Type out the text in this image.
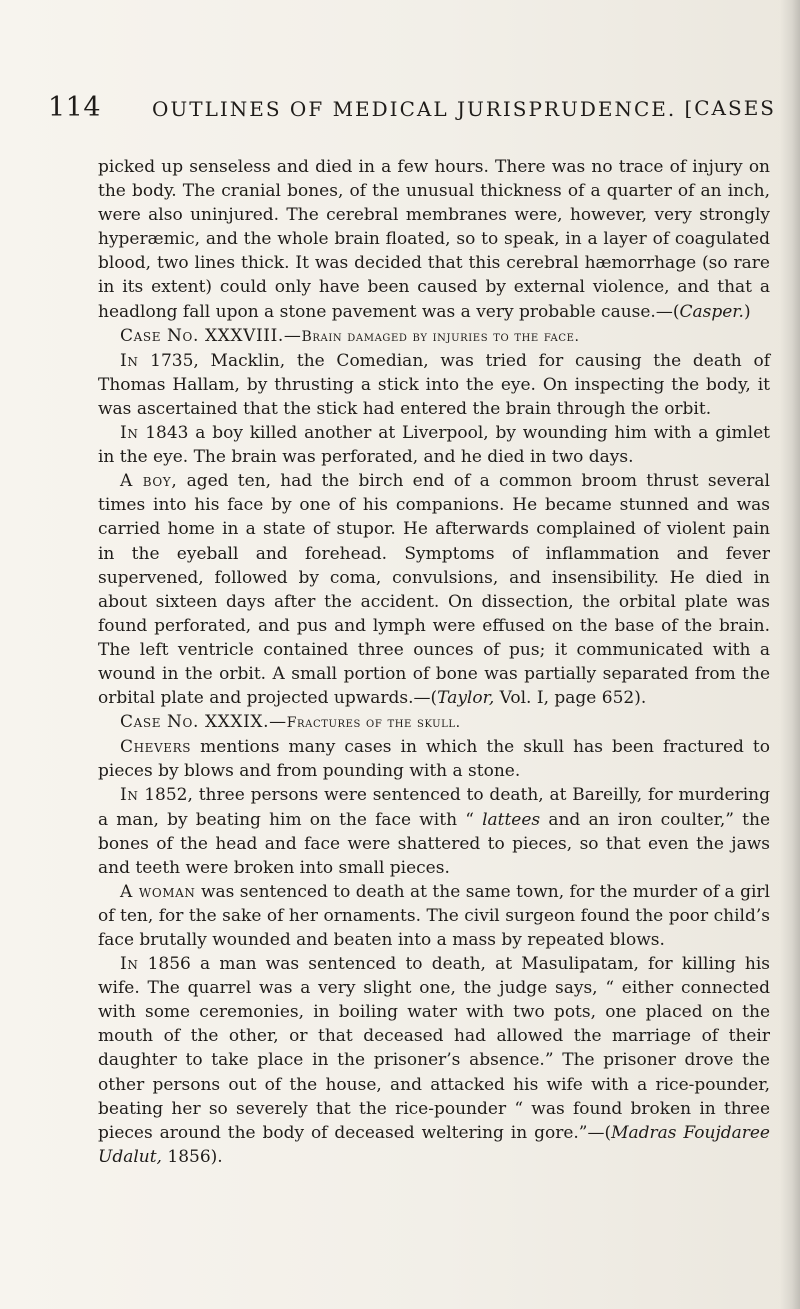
114	OUTLINES OF MEDICAL JURISPRUDENCE. [CASES

picked up senseless and died in a few hours. There was no trace of injury on the body. The cranial bones, of the unusual thickness of a quarter of an inch, were also uninjured. The cerebral membranes were, however, very strongly hyperæmic, and the whole brain floated, so to speak, in a layer of coagulated blood, two lines thick. It was decided that this cerebral hæmorrhage (so rare in its extent) could only have been caused by external violence, and that a headlong fall upon a stone pavement was a very probable cause.—(Casper.)

Case No. XXXVIII.—Brain damaged by injuries to the face.

In 1735, Macklin, the Comedian, was tried for causing the death of Thomas Hallam, by thrusting a stick into the eye. On inspecting the body, it was ascertained that the stick had entered the brain through the orbit.

In 1843 a boy killed another at Liverpool, by wounding him with a gimlet in the eye. The brain was perforated, and he died in two days.

A boy, aged ten, had the birch end of a common broom thrust several times into his face by one of his companions. He became stunned and was carried home in a state of stupor. He afterwards complained of violent pain in the eyeball and forehead. Symptoms of inflammation and fever supervened, followed by coma, convulsions, and insensibility. He died in about sixteen days after the accident. On dissection, the orbital plate was found perforated, and pus and lymph were effused on the base of the brain. The left ventricle contained three ounces of pus; it communicated with a wound in the orbit. A small portion of bone was partially separated from the orbital plate and projected upwards.—(Taylor, Vol. I, page 652).

Case No. XXXIX.—Fractures of the skull.

Chevers mentions many cases in which the skull has been fractured to pieces by blows and from pounding with a stone.

In 1852, three persons were sentenced to death, at Bareilly, for murdering a man, by beating him on the face with “ lattees and an iron coulter,” the bones of the head and face were shattered to pieces, so that even the jaws and teeth were broken into small pieces.

A woman was sentenced to death at the same town, for the murder of a girl of ten, for the sake of her ornaments. The civil surgeon found the poor child’s face brutally wounded and beaten into a mass by repeated blows.

In 1856 a man was sentenced to death, at Masulipatam, for killing his wife. The quarrel was a very slight one, the judge says, “ either connected with some ceremonies, in boiling water with two pots, one placed on the mouth of the other, or that deceased had allowed the marriage of their daughter to take place in the prisoner’s absence.” The prisoner drove the other persons out of the house, and attacked his wife with a rice-pounder, beating her so severely that the rice-pounder “ was found broken in three pieces around the body of deceased weltering in gore.”—(Madras Foujdaree Udalut, 1856).
